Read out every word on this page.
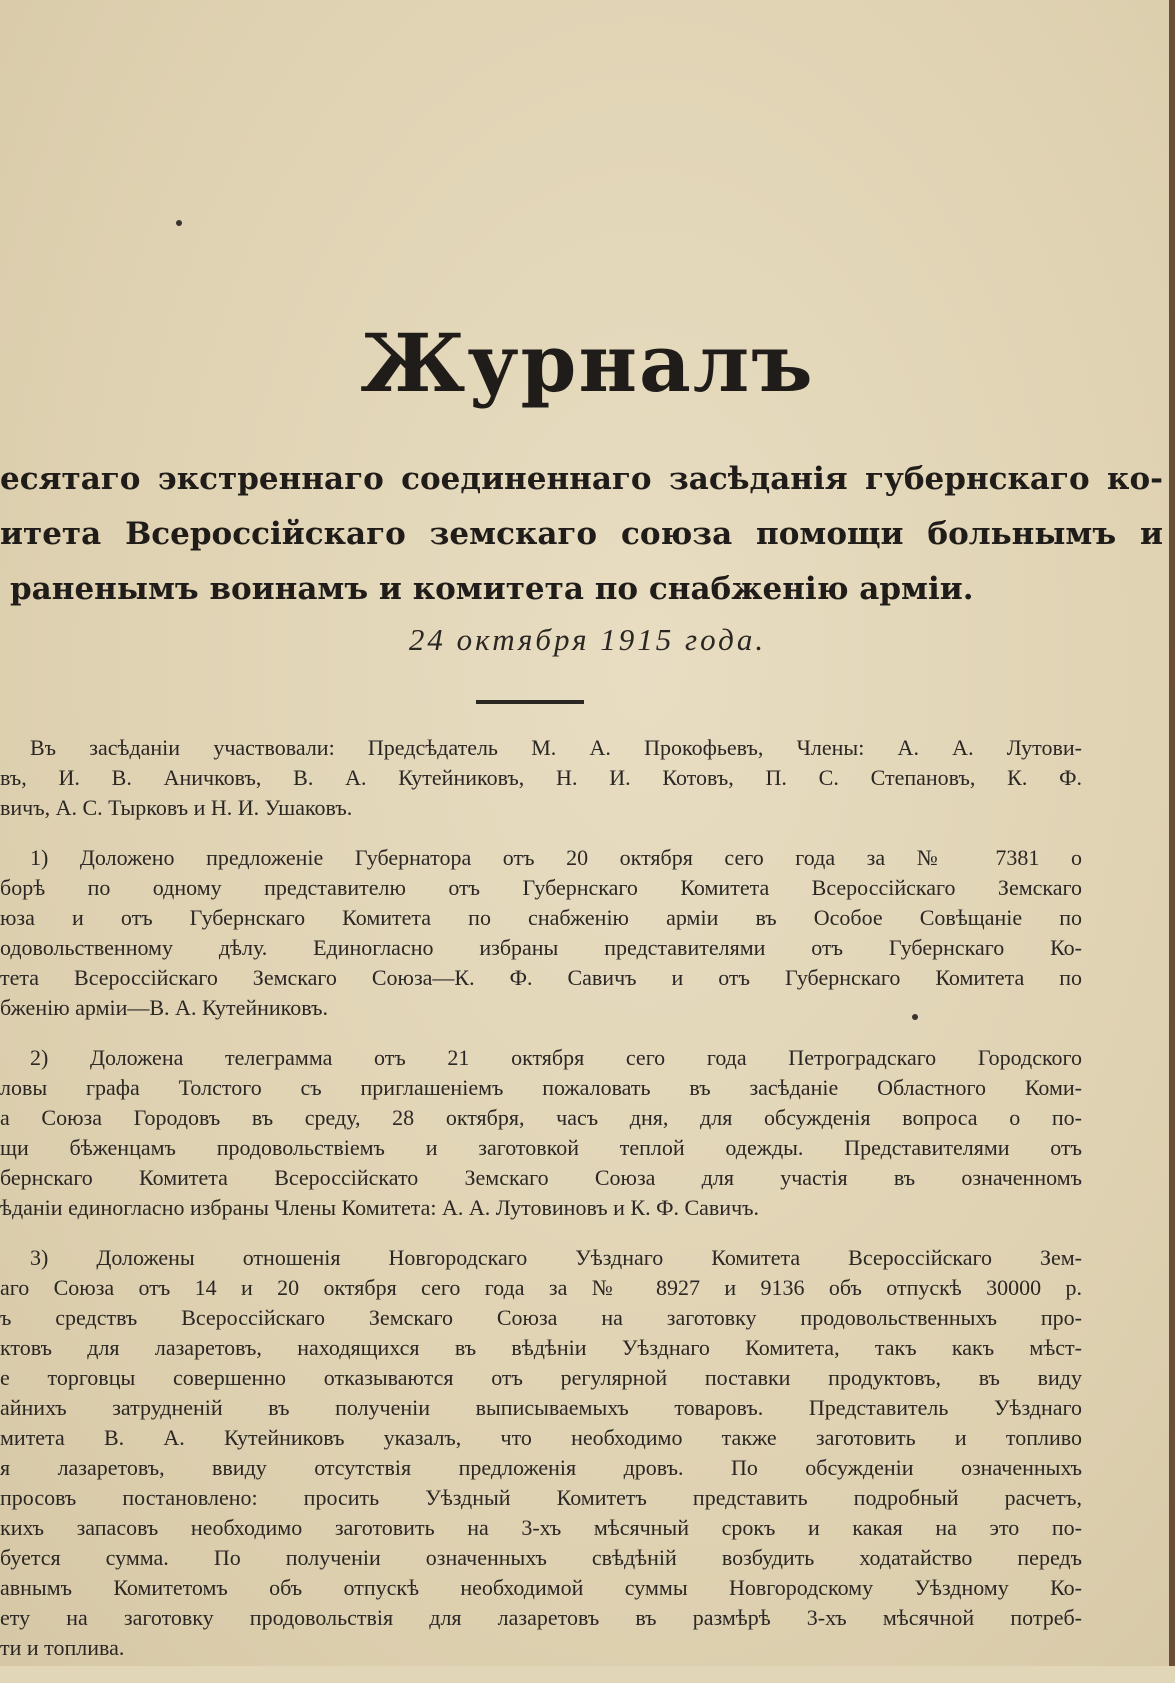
Журналъ
есятаго экстреннаго соединеннаго засѣданія губернскаго ко-
итета Всероссійскаго земскаго союза помощи больнымъ и
раненымъ воинамъ и комитета по снабженію арміи.
24 октября 1915 года.
Въ засѣданіи участвовали: Предсѣдатель М. А. Прокофьевъ, Члены: А. А. Лутови-
въ, И. В. Аничковъ, В. А. Кутейниковъ, Н. И. Котовъ, П. С. Степановъ, К. Ф.
вичъ, А. С. Тырковъ и Н. И. Ушаковъ.
1) Доложено предложеніе Губернатора отъ 20 октября сего года за № 7381 о
борѣ по одному представителю отъ Губернскаго Комитета Всероссійскаго Земскаго
юза и отъ Губернскаго Комитета по снабженію арміи въ Особое Совѣщаніе по
одовольственному дѣлу. Единогласно избраны представителями отъ Губернскаго Ко-
тета Всероссійскаго Земскаго Союза—К. Ф. Савичъ и отъ Губернскаго Комитета по
бженію арміи—В. А. Кутейниковъ.
2) Доложена телеграмма отъ 21 октября сего года Петроградскаго Городского
ловы графа Толстого съ приглашеніемъ пожаловать въ засѣданіе Областного Коми-
а Союза Городовъ въ среду, 28 октября, часъ дня, для обсужденія вопроса о по-
щи бѣженцамъ продовольствіемъ и заготовкой теплой одежды. Представителями отъ
бернскаго Комитета Всероссійскато Земскаго Союза для участія въ означенномъ
ѣданіи единогласно избраны Члены Комитета: А. А. Лутовиновъ и К. Ф. Савичъ.
3) Доложены отношенія Новгородскаго Уѣзднаго Комитета Всероссійскаго Зем-
аго Союза отъ 14 и 20 октября сего года за № 8927 и 9136 объ отпускѣ 30000 р.
ъ средствъ Всероссійскаго Земскаго Союза на заготовку продовольственныхъ про-
ктовъ для лазаретовъ, находящихся въ вѣдѣніи Уѣзднаго Комитета, такъ какъ мѣст-
е торговцы совершенно отказываются отъ регулярной поставки продуктовъ, въ виду
айнихъ затрудненій въ полученіи выписываемыхъ товаровъ. Представитель Уѣзднаго
митета В. А. Кутейниковъ указалъ, что необходимо также заготовить и топливо
я лазаретовъ, ввиду отсутствія предложенія дровъ. По обсужденіи означенныхъ
просовъ постановлено: просить Уѣздный Комитетъ представить подробный расчетъ,
кихъ запасовъ необходимо заготовить на 3-хъ мѣсячный срокъ и какая на это по-
буется сумма. По полученіи означенныхъ свѣдѣній возбудить ходатайство передъ
авнымъ Комитетомъ объ отпускѣ необходимой суммы Новгородскому Уѣздному Ко-
ету на заготовку продовольствія для лазаретовъ въ размѣрѣ 3-хъ мѣсячной потреб-
ти и топлива.
